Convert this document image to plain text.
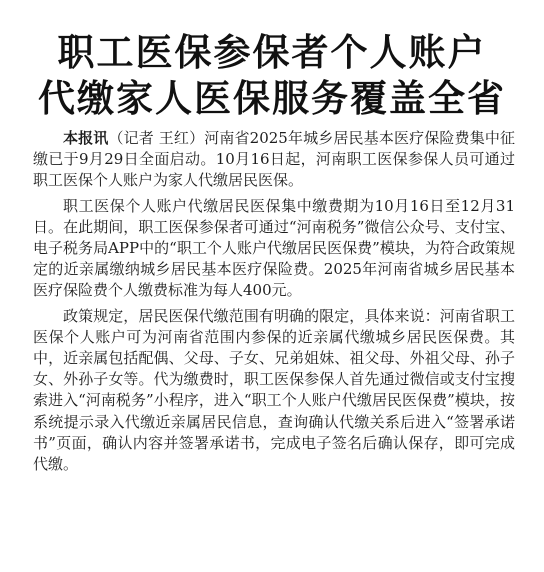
职工医保参保者个人账户
代缴家人医保服务覆盖全省

本报讯（记者 王红）河南省2025年城乡居民基本医疗保险费集中征缴已于9月29日全面启动。10月16日起，河南职工医保参保人员可通过职工医保个人账户为家人代缴居民医保。

职工医保个人账户代缴居民医保集中缴费期为10月16日至12月31日。在此期间，职工医保参保者可通过“河南税务”微信公众号、支付宝、电子税务局APP中的“职工个人账户代缴居民医保费”模块，为符合政策规定的近亲属缴纳城乡居民基本医疗保险费。2025年河南省城乡居民基本医疗保险费个人缴费标准为每人400元。

政策规定，居民医保代缴范围有明确的限定，具体来说：河南省职工医保个人账户可为河南省范围内参保的近亲属代缴城乡居民医保费。其中，近亲属包括配偶、父母、子女、兄弟姐妹、祖父母、外祖父母、孙子女、外孙子女等。代为缴费时，职工医保参保人首先通过微信或支付宝搜索进入“河南税务”小程序，进入“职工个人账户代缴居民医保费”模块，按系统提示录入代缴近亲属居民信息，查询确认代缴关系后进入“签署承诺书”页面，确认内容并签署承诺书，完成电子签名后确认保存，即可完成代缴。
